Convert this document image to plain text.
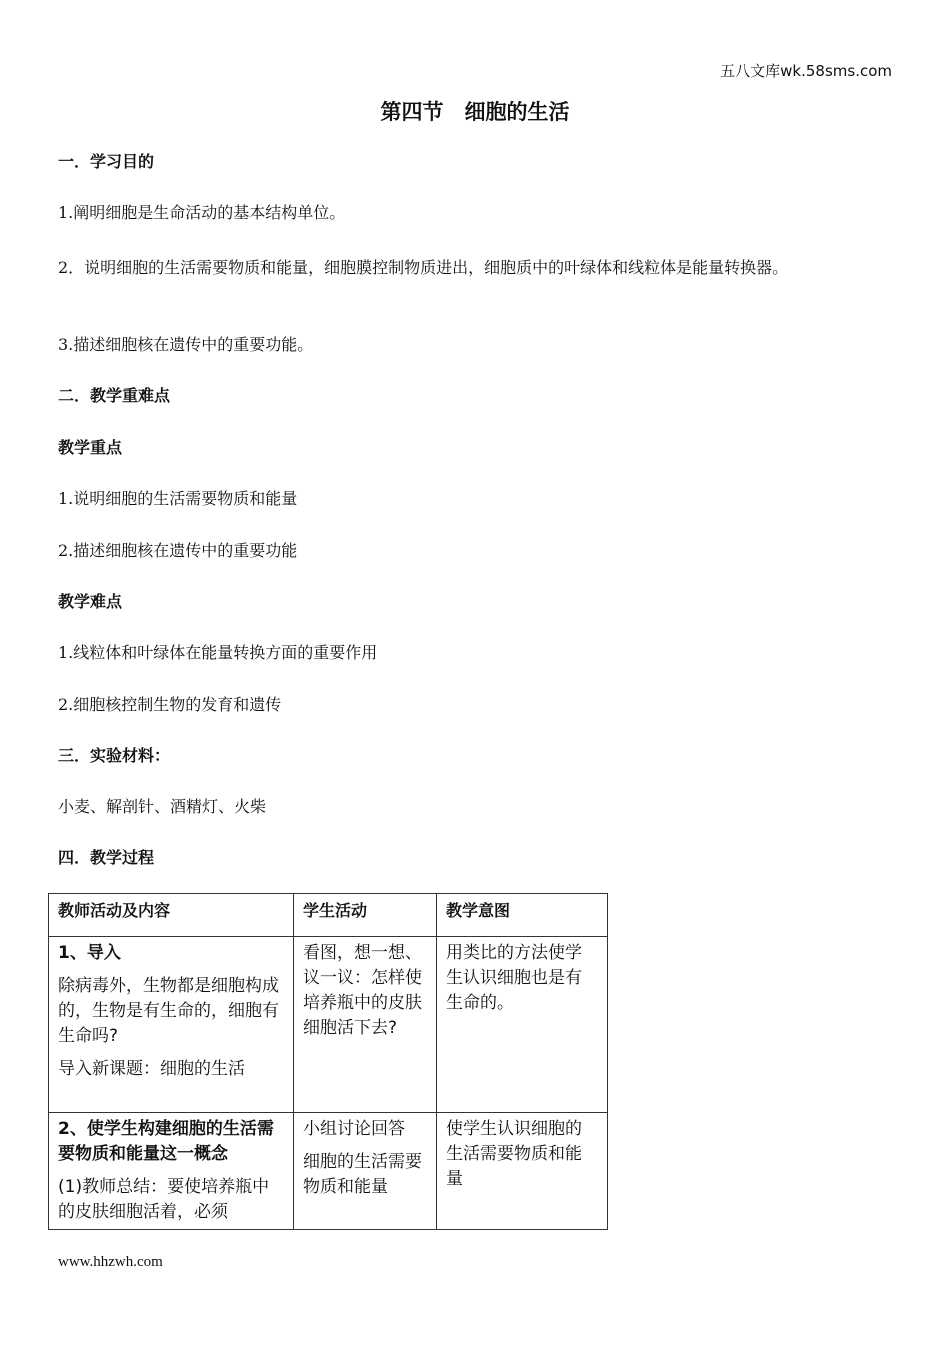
五八文库wk.58sms.com
第四节　细胞的生活
一．学习目的
1.阐明细胞是生命活动的基本结构单位。
2．说明细胞的生活需要物质和能量，细胞膜控制物质进出，细胞质中的叶绿体和线粒体是能量转换器。
3.描述细胞核在遗传中的重要功能。
二．教学重难点
教学重点
1.说明细胞的生活需要物质和能量
2.描述细胞核在遗传中的重要功能
教学难点
1.线粒体和叶绿体在能量转换方面的重要作用
2.细胞核控制生物的发育和遗传
三．实验材料：
小麦、解剖针、酒精灯、火柴
四．教学过程
教师活动及内容	学生活动	教学意图

1、导入

除病毒外，生物都是细胞构成的，生物是有生命的，细胞有生命吗?

导入新课题：细胞的生活

看图，想一想、议一议：怎样使培养瓶中的皮肤细胞活下去?

用类比的方法使学生认识细胞也是有生命的。

2、使学生构建细胞的生活需要物质和能量这一概念

(1)教师总结：要使培养瓶中的皮肤细胞活着，必须

小组讨论回答

细胞的生活需要物质和能量

使学生认识细胞的生活需要物质和能量

www.hhzwh.com
